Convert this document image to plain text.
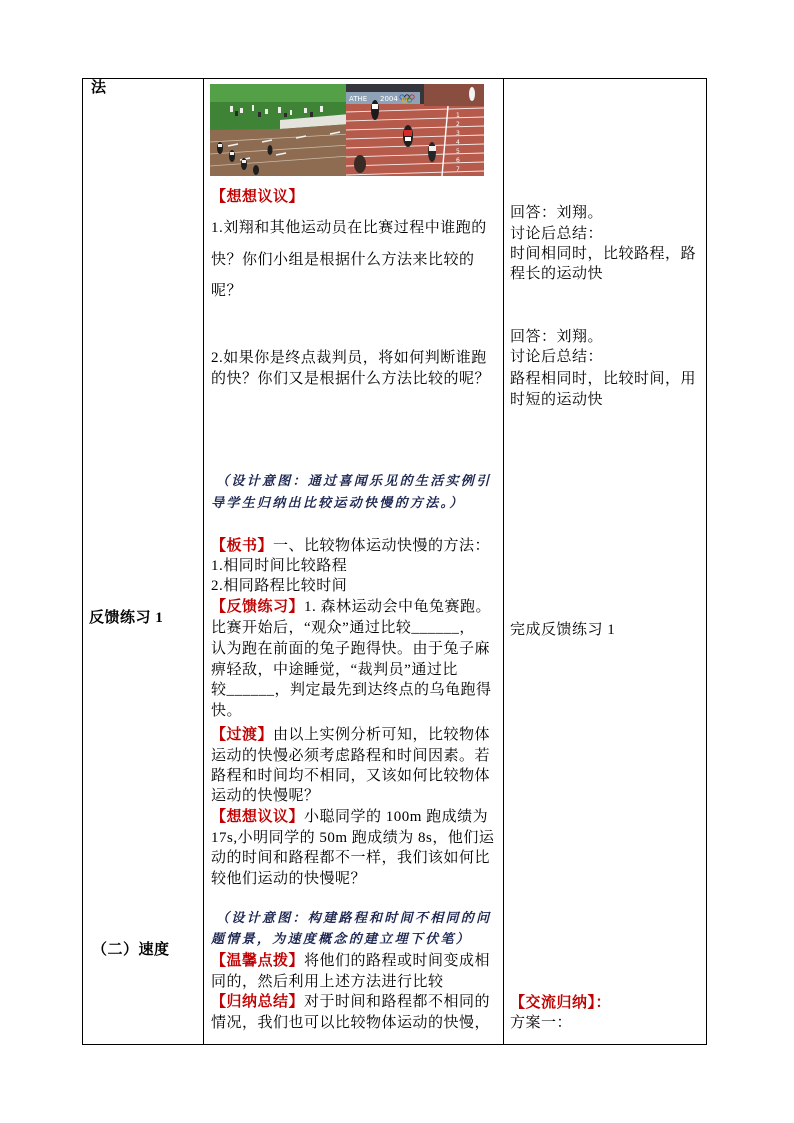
法
反馈练习 1
（二）速度
ATHE 2004
1
2
3
4
5
6
7
【想想议议】
1.刘翔和其他运动员在比赛过程中谁跑的
快？你们小组是根据什么方法来比较的
呢？
2.如果你是终点裁判员，将如何判断谁跑
的快？你们又是根据什么方法比较的呢？
（设计意图：通过喜闻乐见的生活实例引
导学生归纳出比较运动快慢的方法。）
【板书】一、比较物体运动快慢的方法：
1.相同时间比较路程
2.相同路程比较时间
【反馈练习】1. 森林运动会中龟兔赛跑。
比赛开始后，“观众”通过比较______，
认为跑在前面的兔子跑得快。由于兔子麻
痹轻敌，中途睡觉，“裁判员”通过比
较______，判定最先到达终点的乌龟跑得
快。
【过渡】由以上实例分析可知，比较物体
运动的快慢必须考虑路程和时间因素。若
路程和时间均不相同，又该如何比较物体
运动的快慢呢？
【想想议议】小聪同学的 100m 跑成绩为
17s,小明同学的 50m 跑成绩为 8s，他们运
动的时间和路程都不一样，我们该如何比
较他们运动的快慢呢？
（设计意图：构建路程和时间不相同的问
题情景，为速度概念的建立埋下伏笔）
【温馨点拨】将他们的路程或时间变成相
同的，然后利用上述方法进行比较
【归纳总结】对于时间和路程都不相同的
情况，我们也可以比较物体运动的快慢，
回答：刘翔。
讨论后总结：
时间相同时，比较路程，路
程长的运动快
回答：刘翔。
讨论后总结：
路程相同时，比较时间，用
时短的运动快
完成反馈练习 1
【交流归纳】：
方案一：
